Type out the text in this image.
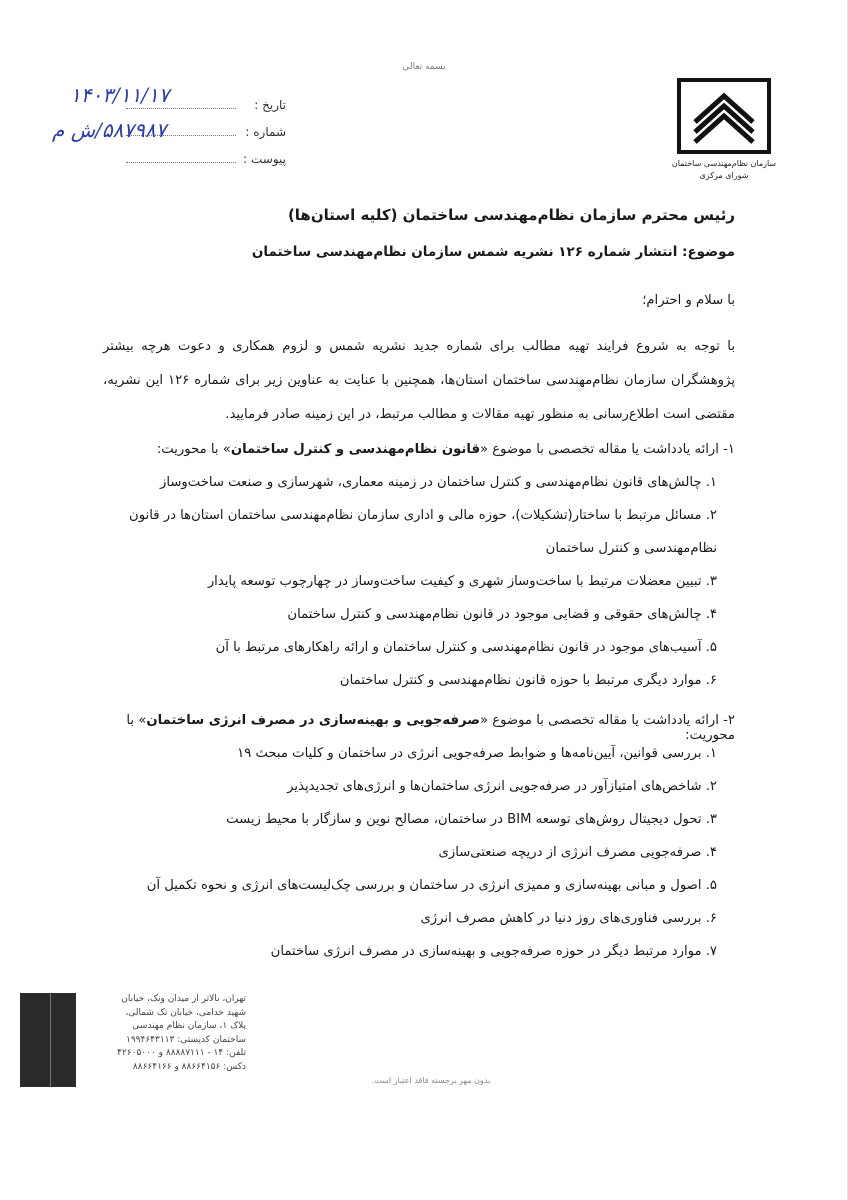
بسمه تعالی
سازمان نظام‌مهندسی ساختمان
شورای مرکزی
تاریخ :
شماره :
پیوست :
۱۴۰۳/۱۱/۱۷
۵۸۷۹۸۷/ش م
رئیس محترم سازمان نظام‌مهندسی ساختمان (کلیه استان‌ها)
موضوع: انتشار شماره ۱۲۶ نشریه شمس سازمان نظام‌مهندسی ساختمان
با سلام و احترام؛
با توجه به شروع فرایند تهیه مطالب برای شماره جدید نشریه شمس و لزوم همکاری و دعوت هرچه بیشتر پژوهشگران سازمان نظام‌مهندسی ساختمان استان‌ها، همچنین با عنایت به عناوین زیر برای شماره ۱۲۶ این نشریه، مقتضی است اطلاع‌رسانی به منظور تهیه مقالات و مطالب مرتبط، در این زمینه صادر فرمایید.
۱- ارائه یادداشت یا مقاله تخصصی با موضوع «قانون نظام‌مهندسی و کنترل ساختمان» با محوریت:
۱. چالش‌های قانون نظام‌مهندسی و کنترل ساختمان در زمینه معماری، شهرسازی و صنعت ساخت‌وساز
۲. مسائل مرتبط با ساختار(تشکیلات)، حوزه مالی و اداری سازمان نظام‌مهندسی ساختمان استان‌ها در قانون نظام‌مهندسی و کنترل ساختمان
۳. تبیین معضلات مرتبط با ساخت‌وساز شهری و کیفیت ساخت‌وساز در چهارچوب توسعه پایدار
۴. چالش‌های حقوقی و قضایی موجود در قانون نظام‌مهندسی و کنترل ساختمان
۵. آسیب‌های موجود در قانون نظام‌مهندسی و کنترل ساختمان و ارائه راهکارهای مرتبط با آن
۶. موارد دیگری مرتبط با حوزه قانون نظام‌مهندسی و کنترل ساختمان
۲- ارائه یادداشت یا مقاله تخصصی با موضوع «صرفه‌جویی و بهینه‌سازی در مصرف انرژی ساختمان» با محوریت:
۱. بررسی قوانین، آیین‌نامه‌ها و ضوابط صرفه‌جویی انرژی در ساختمان و کلیات مبحث ۱۹
۲. شاخص‌های امتیازآور در صرفه‌جویی انرژی ساختمان‌ها و انرژی‌های تجدیدپذیر
۳. تحول دیجیتال روش‌های توسعه BIM در ساختمان، مصالح نوین و سازگار با محیط زیست
۴. صرفه‌جویی مصرف انرژی از دریچه صنعتی‌سازی
۵. اصول و مبانی بهینه‌سازی و ممیزی انرژی در ساختمان و بررسی چک‌لیست‌های انرژی و نحوه تکمیل آن
۶. بررسی فناوری‌های روز دنیا در کاهش مصرف انرژی
۷. موارد مرتبط دیگر در حوزه صرفه‌جویی و بهینه‌سازی در مصرف انرژی ساختمان
تهران، بالاتر از میدان ونک، خیابان
شهید خدامی، خیابان تک شمالی،
پلاک ۱، سازمان نظام مهندسی
ساختمان کدپستی: ۱۹۹۴۶۴۳۱۱۳
تلفن: ۱۴ - ۸۸۸۸۷۱۱۱ و ۴۲۶۰۵۰۰۰
دکس: ۸۸۶۶۴۱۵۶ و ۸۸۶۶۴۱۶۶
بدون مهر برجسته فاقد اعتبار است.
